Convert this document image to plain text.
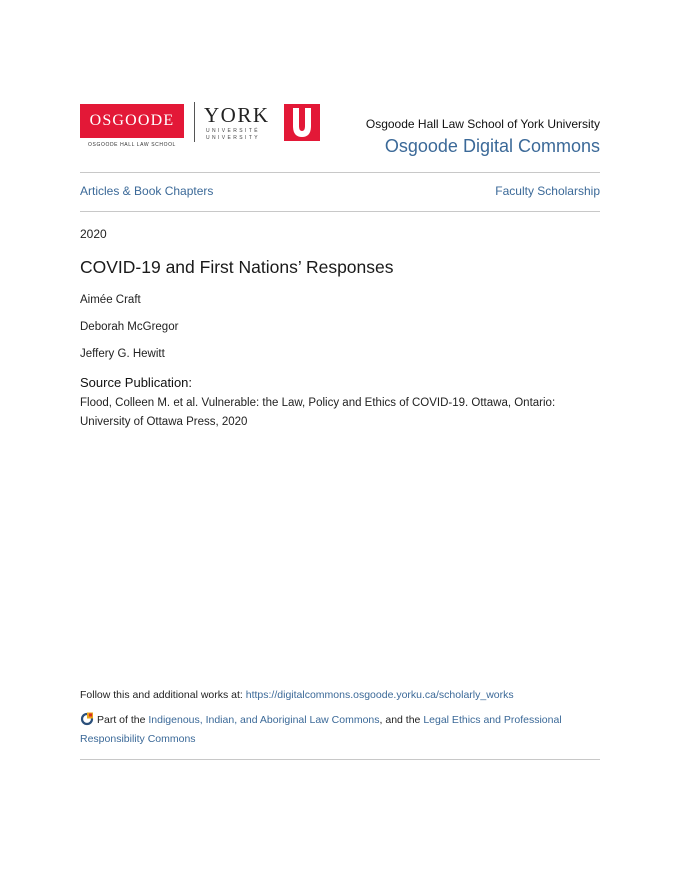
OSGOODE
OSGOODE HALL LAW SCHOOL
YORK
UNIVERSITÉ
UNIVERSITY
Osgoode Hall Law School of York University
Osgoode Digital Commons
Articles & Book Chapters	Faculty Scholarship
2020
COVID-19 and First Nations’ Responses
Aimée Craft
Deborah McGregor
Jeffery G. Hewitt
Source Publication:
Flood, Colleen M. et al. Vulnerable: the Law, Policy and Ethics of COVID-19. Ottawa, Ontario: University of Ottawa Press, 2020
Follow this and additional works at: https://digitalcommons.osgoode.yorku.ca/scholarly_works
Part of the Indigenous, Indian, and Aboriginal Law Commons, and the Legal Ethics and Professional Responsibility Commons
